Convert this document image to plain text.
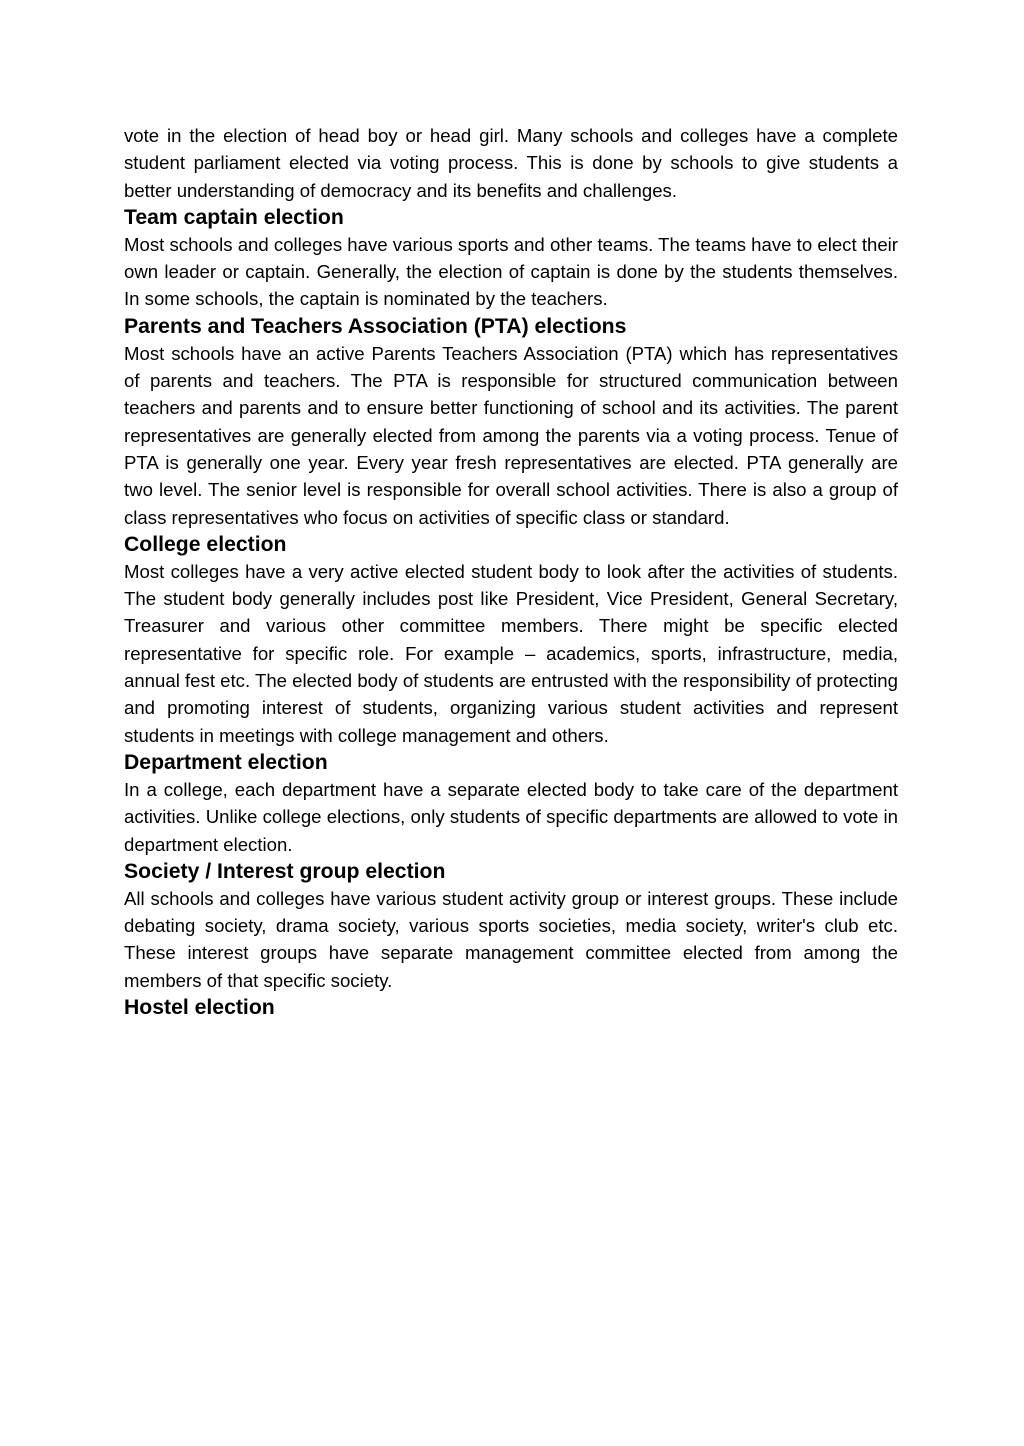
vote in the election of head boy or head girl. Many schools and colleges have a complete student parliament elected via voting process. This is done by schools to give students a better understanding of democracy and its benefits and challenges.

Team captain election

Most schools and colleges have various sports and other teams. The teams have to elect their own leader or captain. Generally, the election of captain is done by the students themselves. In some schools, the captain is nominated by the teachers.

Parents and Teachers Association (PTA) elections

Most schools have an active Parents Teachers Association (PTA) which has representatives of parents and teachers. The PTA is responsible for structured communication between teachers and parents and to ensure better functioning of school and its activities. The parent representatives are generally elected from among the parents via a voting process. Tenue of PTA is generally one year. Every year fresh representatives are elected. PTA generally are two level. The senior level is responsible for overall school activities. There is also a group of class representatives who focus on activities of specific class or standard.

College election

Most colleges have a very active elected student body to look after the activities of students. The student body generally includes post like President, Vice President, General Secretary, Treasurer and various other committee members. There might be specific elected representative for specific role. For example – academics, sports, infrastructure, media, annual fest etc. The elected body of students are entrusted with the responsibility of protecting and promoting interest of students, organizing various student activities and represent students in meetings with college management and others.

Department election

In a college, each department have a separate elected body to take care of the department activities. Unlike college elections, only students of specific departments are allowed to vote in department election.

Society / Interest group election

All schools and colleges have various student activity group or interest groups. These include debating society, drama society, various sports societies, media society, writer's club etc. These interest groups have separate management committee elected from among the members of that specific society.

Hostel election
